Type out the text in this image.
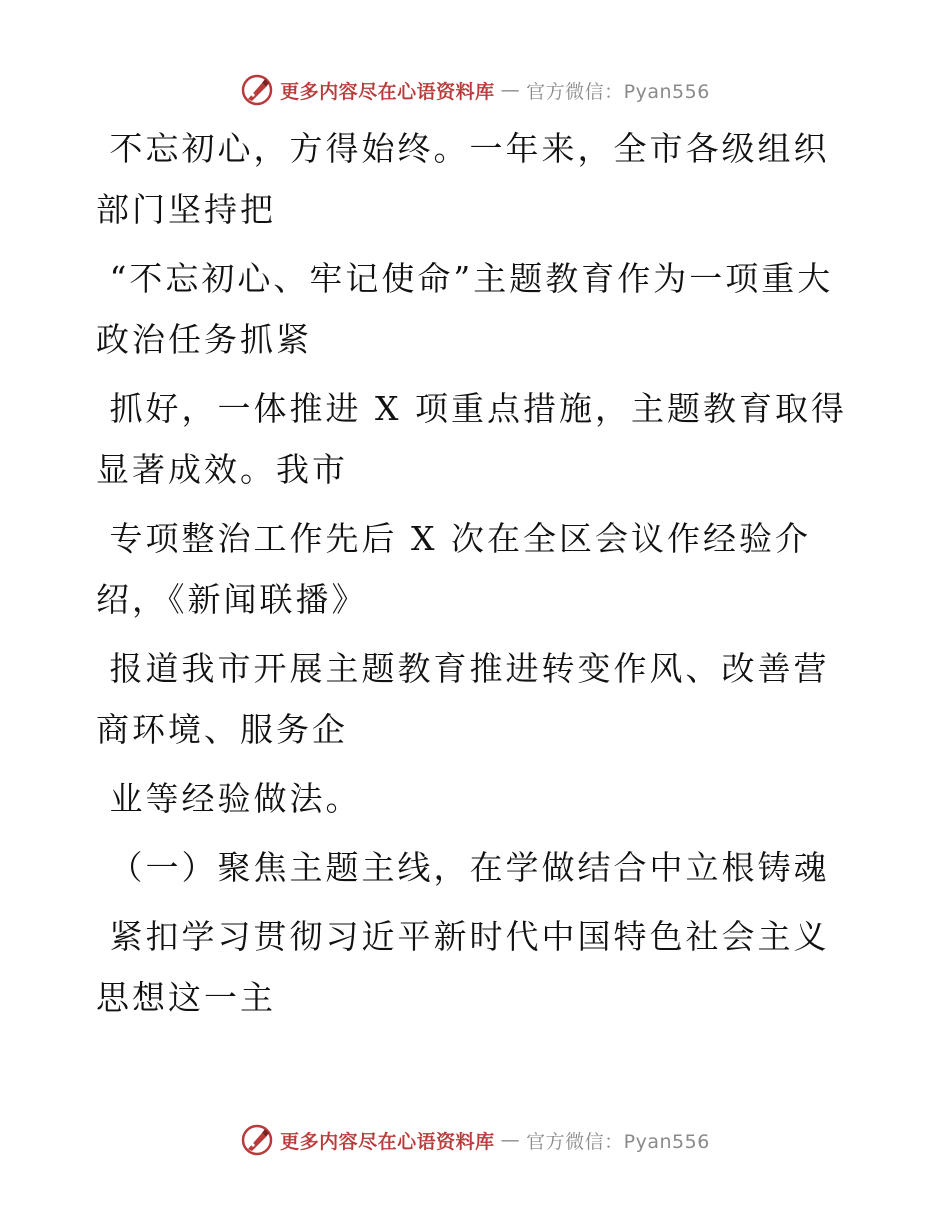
更多内容尽在心语资料库 — 官方微信：Pyan556

不忘初心，方得始终。一年来，全市各级组织部门坚持把

“不忘初心、牢记使命”主题教育作为一项重大政治任务抓紧

抓好，一体推进 X 项重点措施，主题教育取得显著成效。我市

专项整治工作先后 X 次在全区会议作经验介绍，《新闻联播》

报道我市开展主题教育推进转变作风、改善营商环境、服务企

业等经验做法。

（一）聚焦主题主线，在学做结合中立根铸魂

紧扣学习贯彻习近平新时代中国特色社会主义思想这一主

更多内容尽在心语资料库 — 官方微信：Pyan556
